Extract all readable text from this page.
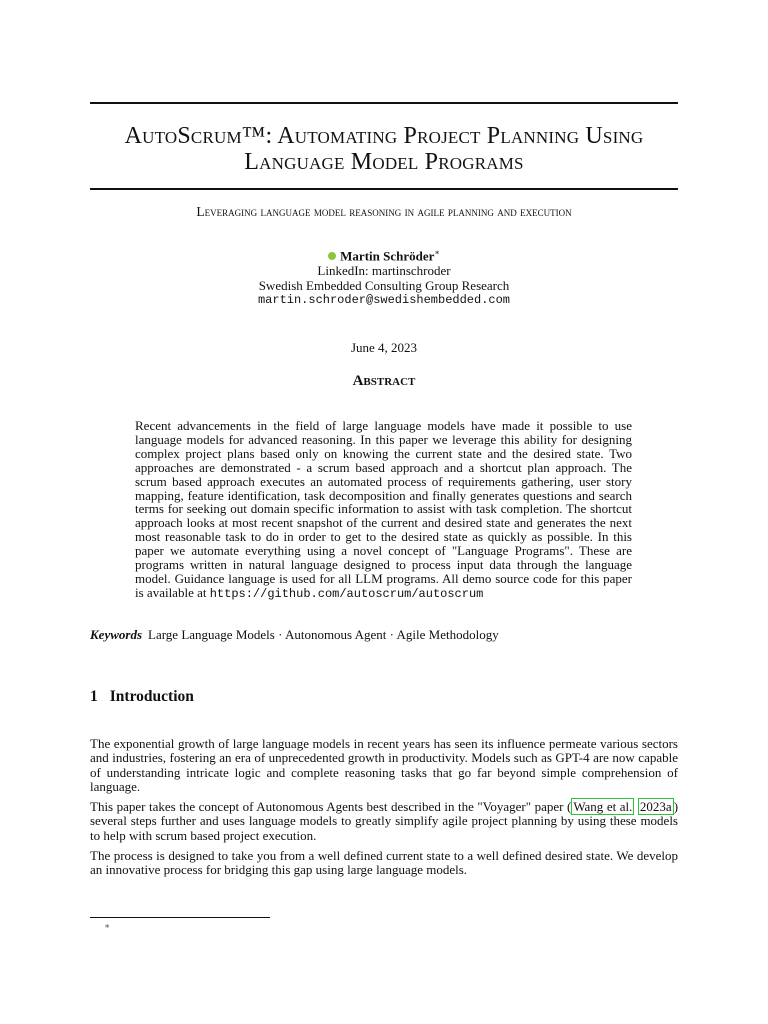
AutoScrum™: Automating Project Planning Using
Language Model Programs
Leveraging language model reasoning in agile planning and execution
Martin Schröder∗
LinkedIn: martinschroder
Swedish Embedded Consulting Group Research
martin.schroder@swedishembedded.com
June 4, 2023
Abstract

Recent advancements in the field of large language models have made it possible to use language models for advanced reasoning. In this paper we leverage this ability for designing complex project plans based only on knowing the current state and the desired state. Two approaches are demonstrated - a scrum based approach and a shortcut plan approach. The scrum based approach executes an automated process of requirements gathering, user story mapping, feature identification, task decomposition and finally generates questions and search terms for seeking out domain specific information to assist with task completion. The shortcut approach looks at most recent snapshot of the current and desired state and generates the next most reasonable task to do in order to get to the desired state as quickly as possible. In this paper we automate everything using a novel concept of "Language Programs". These are programs written in natural language designed to process input data through the language model. Guidance language is used for all LLM programs. All demo source code for this paper is available at https://github.com/autoscrum/autoscrum

Keywords Large Language Models · Autonomous Agent · Agile Methodology
1 Introduction

The exponential growth of large language models in recent years has seen its influence permeate various sectors and industries, fostering an era of unprecedented growth in productivity. Models such as GPT-4 are now capable of understanding intricate logic and complete reasoning tasks that go far beyond simple comprehension of language.

This paper takes the concept of Autonomous Agents best described in the "Voyager" paper ( Wang et al. 2023a ) several steps further and uses language models to greatly simplify agile project planning by using these models to help with scrum based project execution.

The process is designed to take you from a well defined current state to a well defined desired state. We develop an innovative process for bridging this gap using large language models.

∗
